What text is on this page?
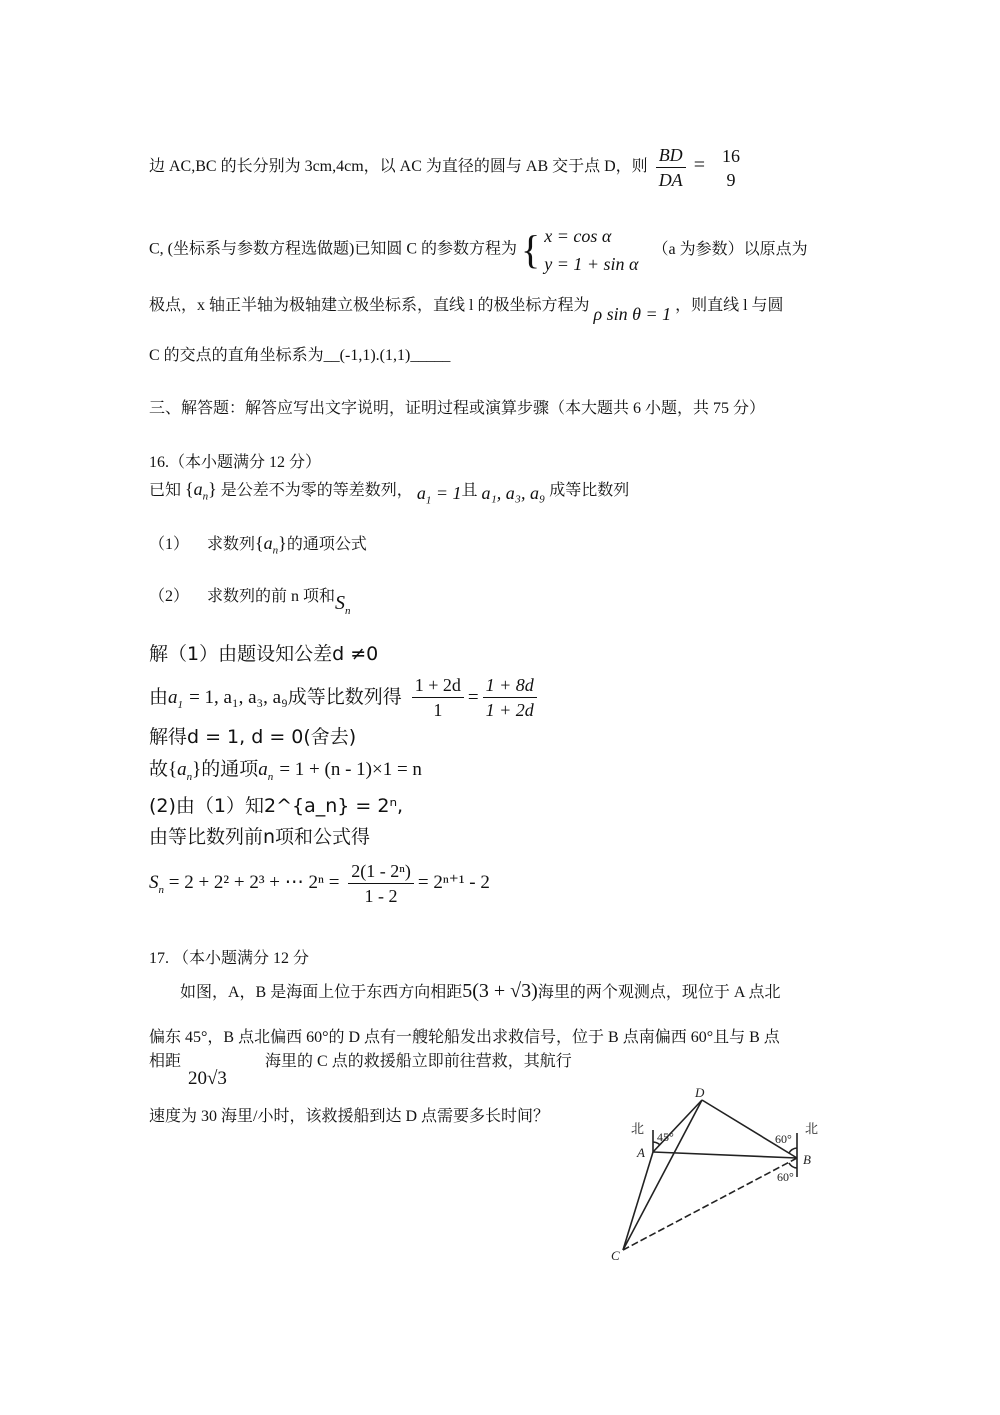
边 AC,BC 的长分别为 3cm,4cm，以 AC 为直径的圆与 AB 交于点 D，则 $\frac{BD}{DA} = 16$
9
C, (坐标系与参数方程选做题)已知圆 C 的参数方程为 { x = cos α
y = 1 + sin α （a 为参数）以原点为
极点，x 轴正半轴为极轴建立极坐标系，直线 l 的极坐标方程为 ρ sin θ = 1 ，则直线 l 与圆
C 的交点的直角坐标系为__(-1,1).(1,1)_____
三、解答题：解答应写出文字说明，证明过程或演算步骤（本大题共 6 小题，共 75 分）
16.（本小题满分 12 分）
已知 $\{a_n\}$ 是公差不为零的等差数列， $a_1 = 1$且 a₁, a₃, a₉ 成等比数列
（1） 求数列$\{a_n\}$的通项公式
（2） 求数列的前 n 项和$S_n$
解（1）由题设知公差d ≠0
由$a_1 = 1$, a₁, a₃, a₉成等比数列得 $\frac{1 + 2d}{1} = \frac{1 + 8d}{1 + 2d}$
解得d = 1, d = 0(舍去)
故$\{a_n\}$的通项$a_n = 1 + (n - 1)\times 1 = n$
(2)由（1）知2^{a_n} = 2ⁿ,
由等比数列前n项和公式得
$S_n = 2 + 2^2 + 2^3$ + ⋯ $2^n = \frac{\text{2(1 - 2ⁿ)}}{1 - 2} = 2^{n+1} - 2$
17. （本小题满分 12 分
如图，A，B 是海面上位于东西方向相距5(3 + √3)海里的两个观测点，现位于 A 点北
偏东 45°，B 点北偏西 60°的 D 点有一艘轮船发出求救信号，位于 B 点南偏西 60°且与 B 点
相距	海里的 C 点的救援船立即前往营救，其航行
20√3
速度为 30 海里/小时，该救援船到达 D 点需要多长时间？
北	北
45°	60°
60°
A	B
C
D
